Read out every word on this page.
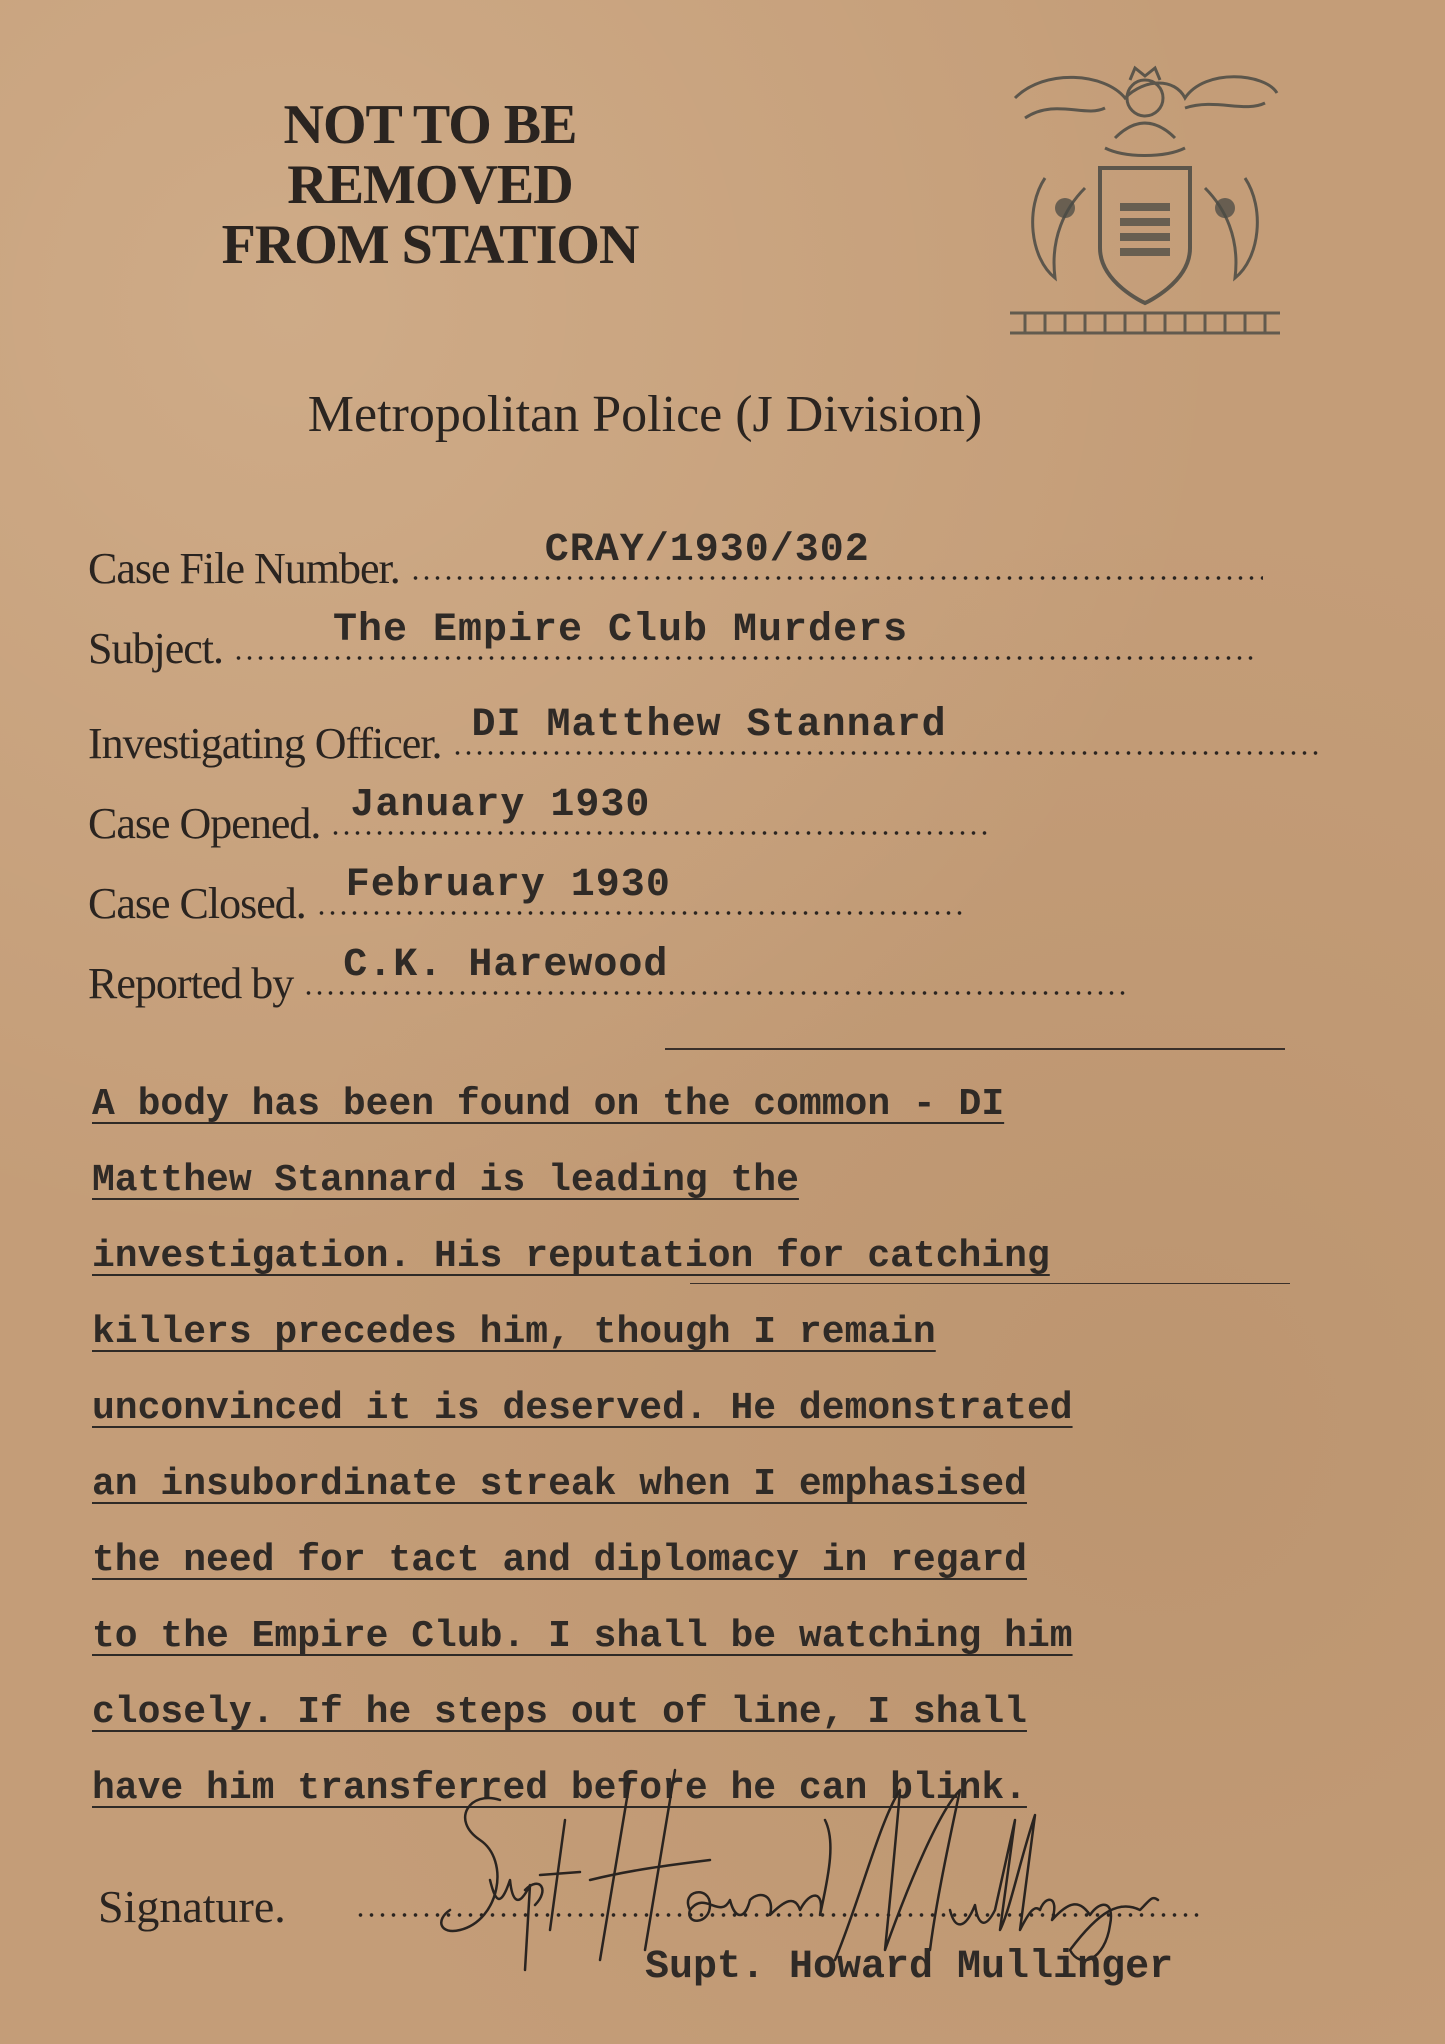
NOT TO BE
REMOVED
FROM STATION
Metropolitan Police (J Division)
Case File Number.	CRAY/1930/302
Subject.	The Empire Club Murders
Investigating Officer. DI Matthew Stannard
Case Opened. January 1930
Case Closed. February 1930
Reported by C.K. Harewood
A body has been found on the common - DI
Matthew Stannard is leading the
investigation. His reputation for catching
killers precedes him, though I remain
unconvinced it is deserved. He demonstrated
an insubordinate streak when I emphasised
the need for tact and diplomacy in regard
to the Empire Club. I shall be watching him
closely. If he steps out of line, I shall
have him transferred before he can blink.
Signature.
Supt. Howard Mullinger
